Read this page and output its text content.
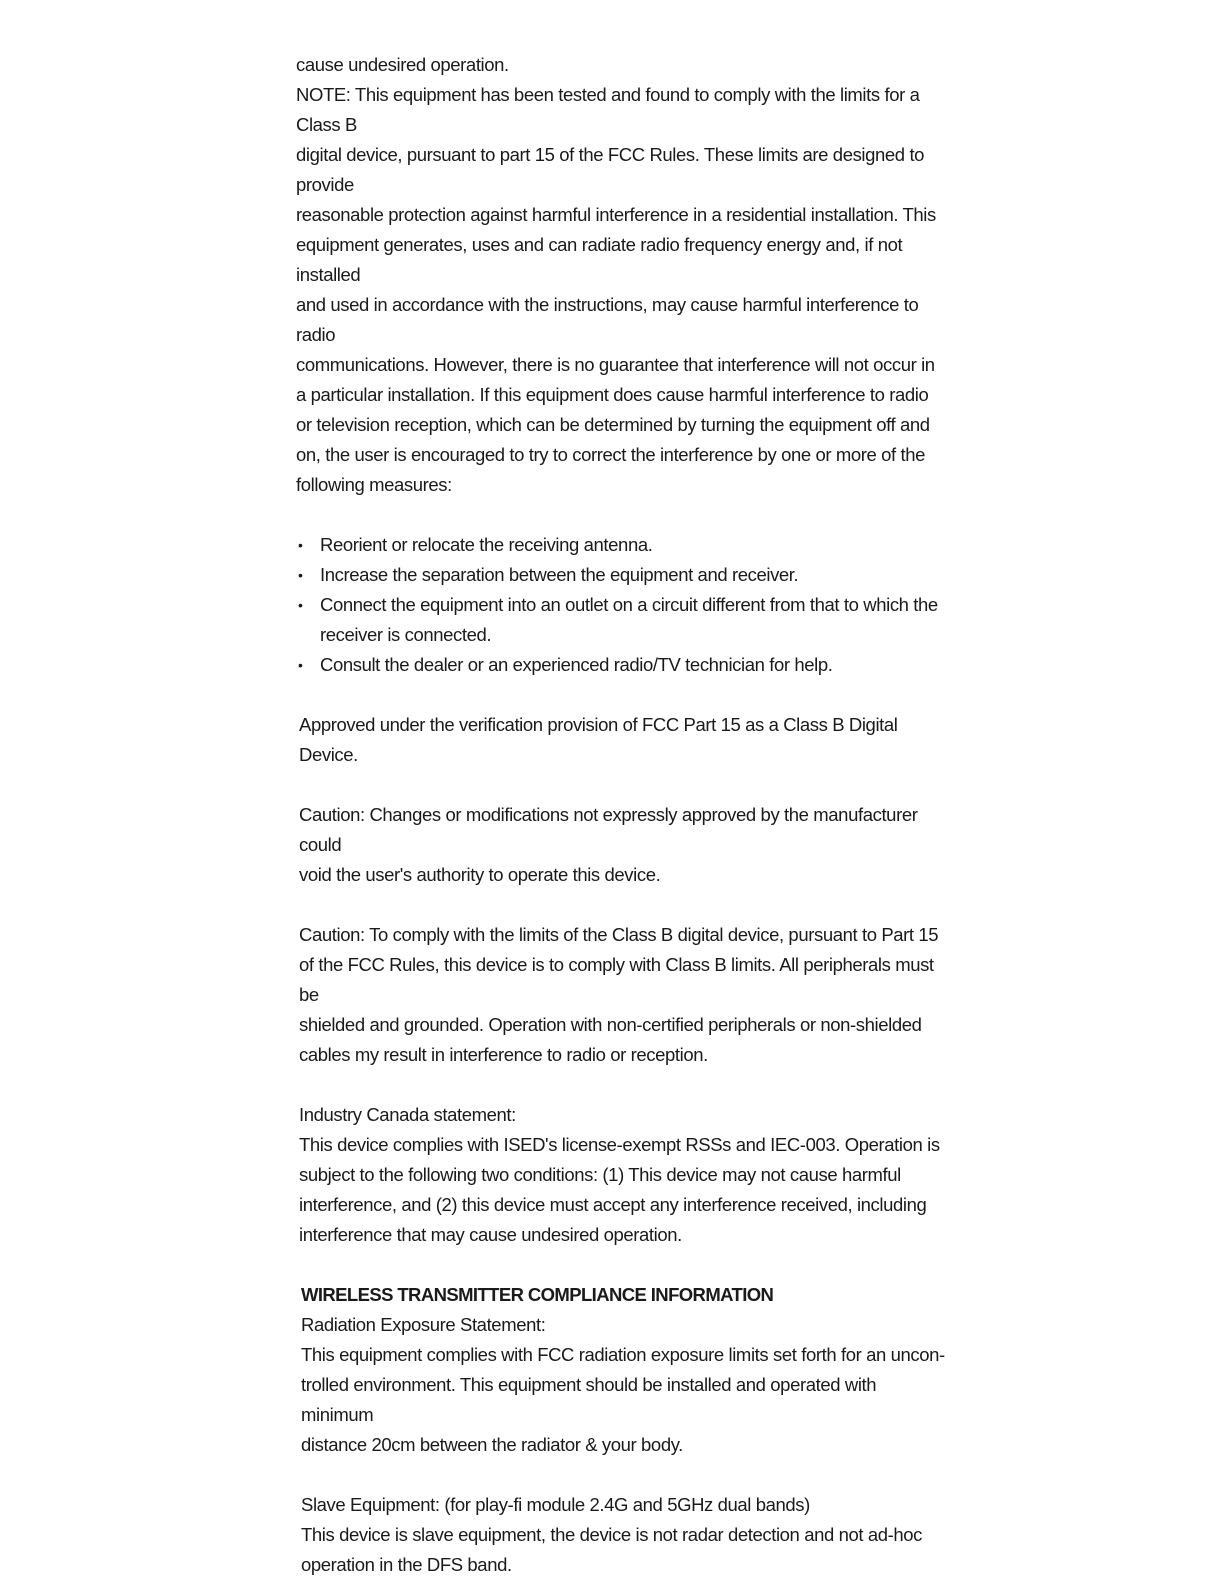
cause undesired operation.

NOTE: This equipment has been tested and found to comply with the limits for a Class B

digital device, pursuant to part 15 of the FCC Rules. These limits are designed to provide

reasonable protection against harmful interference in a residential installation. This

equipment generates, uses and can radiate radio frequency energy and, if not installed

and used in accordance with the instructions, may cause harmful interference to radio

communications. However, there is no guarantee that interference will not occur in

a particular installation. If this equipment does cause harmful interference to radio

or television reception, which can be determined by turning the equipment off and

on, the user is encouraged to try to correct the interference by one or more of the

following measures:

• Reorient or relocate the receiving antenna.
• Increase the separation between the equipment and receiver.
• Connect the equipment into an outlet on a circuit different from that to which the receiver is connected.
• Consult the dealer or an experienced radio/TV technician for help.

Approved under the verification provision of FCC Part 15 as a Class B Digital Device.

Caution: Changes or modifications not expressly approved by the manufacturer could

void the user's authority to operate this device.

Caution: To comply with the limits of the Class B digital device, pursuant to Part 15

of the FCC Rules, this device is to comply with Class B limits. All peripherals must be

shielded and grounded. Operation with non-certified peripherals or non-shielded

cables my result in interference to radio or reception.

Industry Canada statement:

This device complies with ISED's license-exempt RSSs and IEC-003. Operation is

subject to the following two conditions: (1) This device may not cause harmful

interference, and (2) this device must accept any interference received, including

interference that may cause undesired operation.

WIRELESS TRANSMITTER COMPLIANCE INFORMATION

Radiation Exposure Statement:

This equipment complies with FCC radiation exposure limits set forth for an uncon-

trolled environment. This equipment should be installed and operated with minimum

distance 20cm between the radiator & your body.

Slave Equipment: (for play-fi module 2.4G and 5GHz dual bands)

This device is slave equipment, the device is not radar detection and not ad-hoc

operation in the DFS band.
